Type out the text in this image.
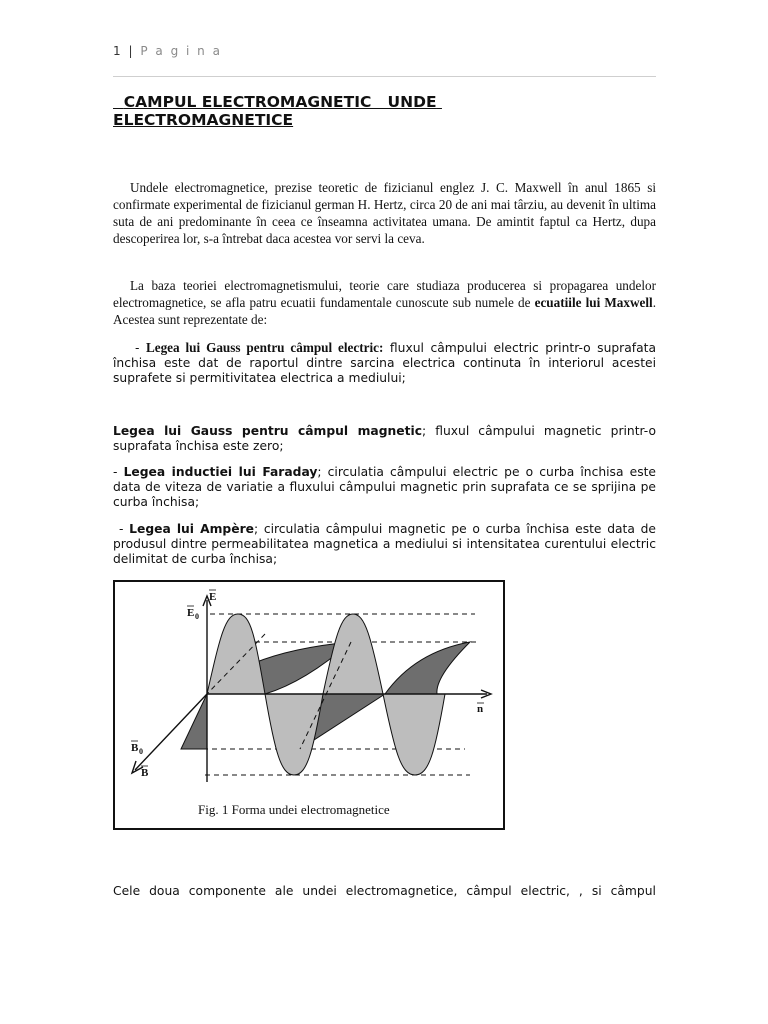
1 | P a g i n a
CAMPUL ELECTROMAGNETIC   UNDE ELECTROMAGNETICE
Undele electromagnetice, prezise teoretic de fizicianul englez J. C. Maxwell în anul 1865 si confirmate experimental de fizicianul german H. Hertz, circa 20 de ani mai târziu, au devenit în ultima suta de ani predominante în ceea ce înseamna activitatea umana. De amintit faptul ca Hertz, dupa descoperirea lor, s-a întrebat daca acestea vor servi la ceva.
La baza teoriei electromagnetismului, teorie care studiaza producerea si propagarea undelor electromagnetice, se afla patru ecuatii fundamentale cunoscute sub numele de ecuatiile lui Maxwell. Acestea sunt reprezentate de:
- Legea lui Gauss pentru câmpul electric: fluxul câmpului electric printr-o suprafata închisa este dat de raportul dintre sarcina electrica continuta în interiorul acestei suprafete si permitivitatea electrica a mediului;
Legea lui Gauss pentru câmpul magnetic; fluxul câmpului magnetic printr-o suprafata închisa este zero;
- Legea inductiei lui Faraday; circulatia câmpului electric pe o curba închisa este data de viteza de variatie a fluxului câmpului magnetic prin suprafata ce se sprijina pe curba închisa;
- Legea lui Ampère; circulatia câmpului magnetic pe o curba închisa este data de produsul dintre permeabilitatea magnetica a mediului si intensitatea curentului electric delimitat de curba închisa;
E
E 0
n
B 0
B
Fig. 1 Forma undei electromagnetice
Cele doua componente ale undei electromagnetice, câmpul electric, , si câmpul
